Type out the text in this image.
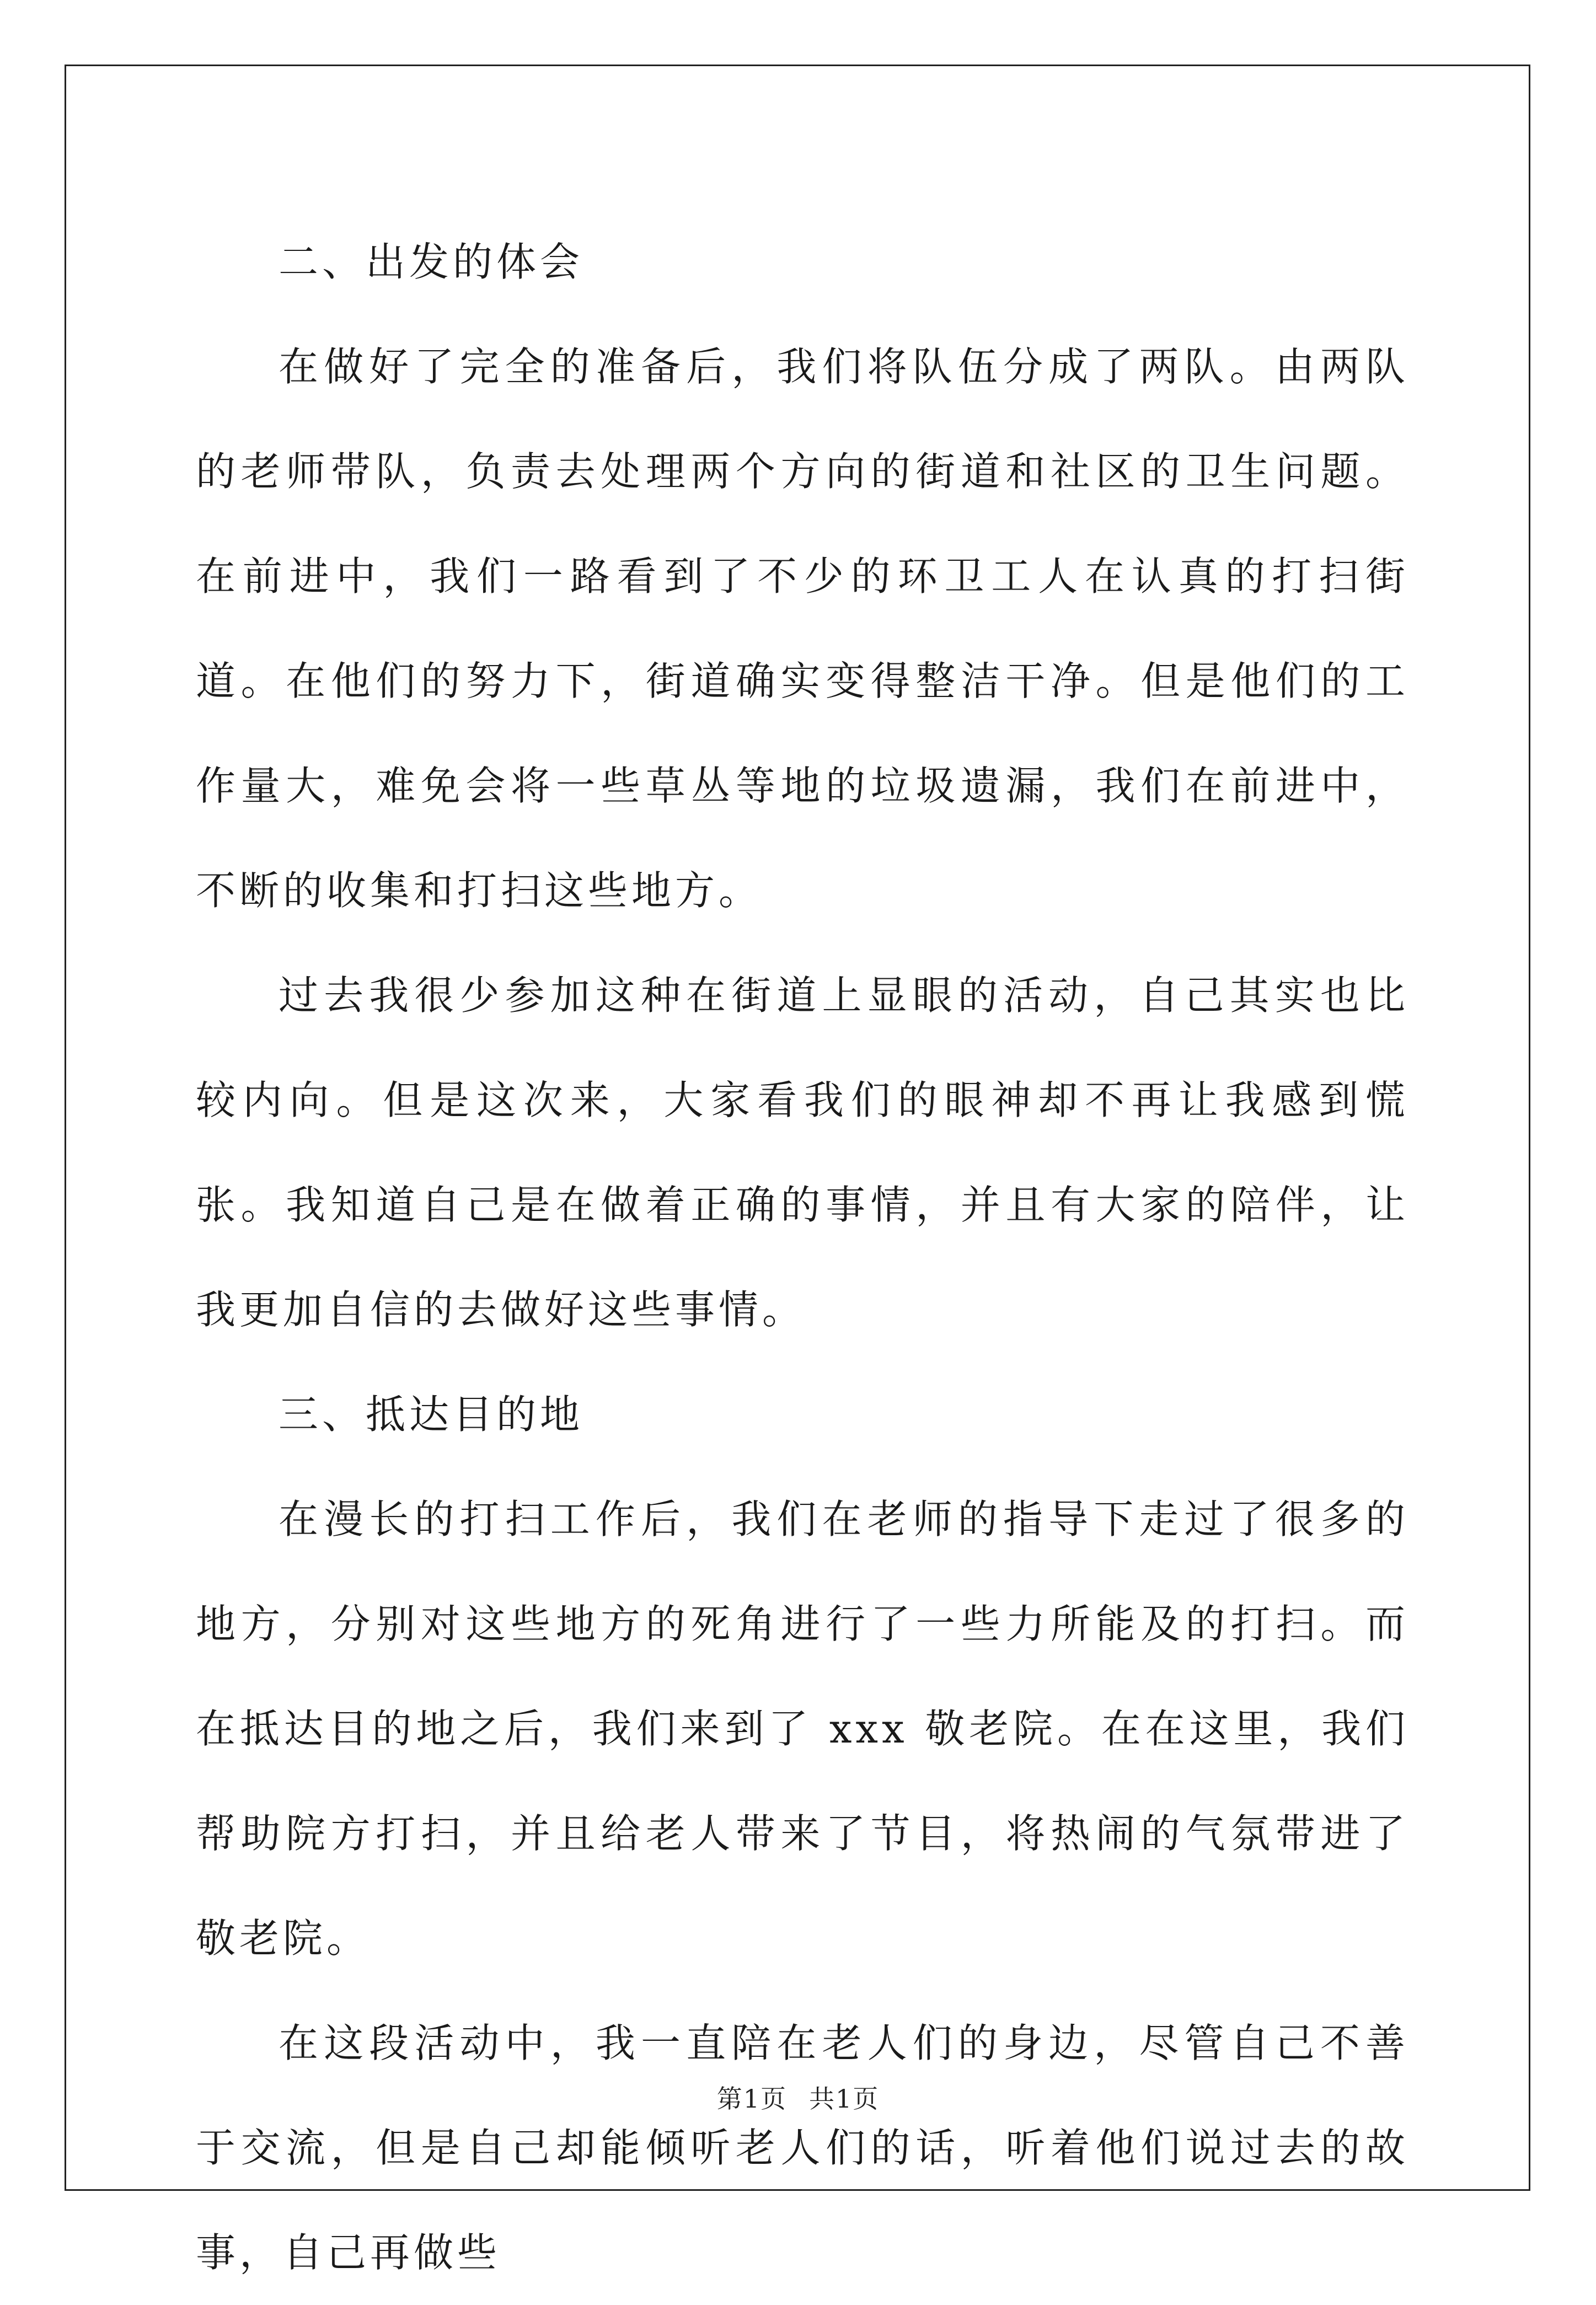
二、出发的体会

在做好了完全的准备后，我们将队伍分成了两队。由两队的老师带队，负责去处理两个方向的街道和社区的卫生问题。在前进中，我们一路看到了不少的环卫工人在认真的打扫街道。在他们的努力下，街道确实变得整洁干净。但是他们的工作量大，难免会将一些草丛等地的垃圾遗漏，我们在前进中，不断的收集和打扫这些地方。

过去我很少参加这种在街道上显眼的活动，自己其实也比较内向。但是这次来，大家看我们的眼神却不再让我感到慌张。我知道自己是在做着正确的事情，并且有大家的陪伴，让我更加自信的去做好这些事情。

三、抵达目的地

在漫长的打扫工作后，我们在老师的指导下走过了很多的地方，分别对这些地方的死角进行了一些力所能及的打扫。而在抵达目的地之后，我们来到了 xxx 敬老院。在在这里，我们帮助院方打扫，并且给老人带来了节目，将热闹的气氛带进了敬老院。

在这段活动中，我一直陪在老人们的身边，尽管自己不善于交流，但是自己却能倾听老人们的话，听着他们说过去的故事，自己再做些

第1页 共1页
